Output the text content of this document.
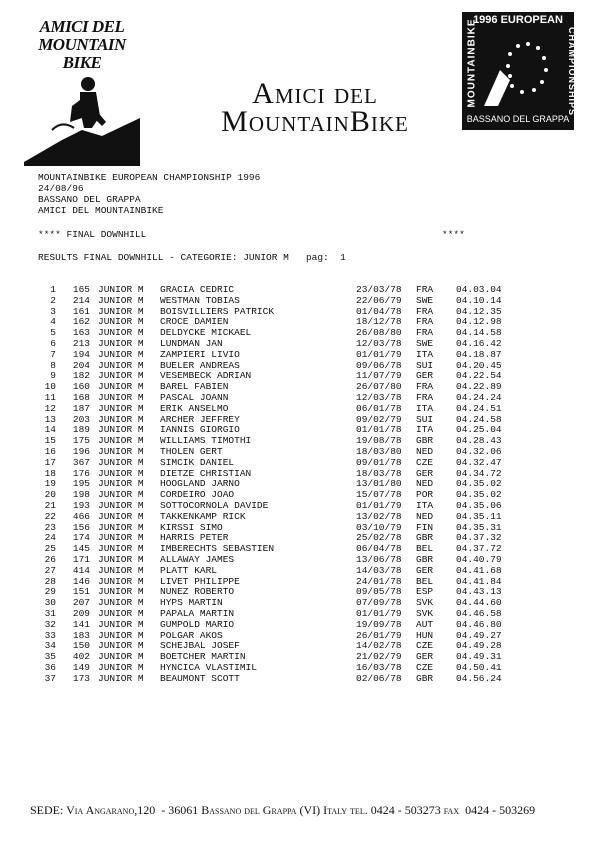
AMICI DEL
MOUNTAIN
BIKE
Amici del
MountainBike
1996 EUROPEAN
MOUNTAINBIKE	CHAMPIONSHIPS
BASSANO DEL GRAPPA
MOUNTAINBIKE EUROPEAN CHAMPIONSHIP 1996
24/08/96
BASSANO DEL GRAPPA
AMICI DEL MOUNTAINBIKE
**** FINAL DOWNHILL	****
RESULTS FINAL DOWNHILL - CATEGORIE: JUNIOR M   pag:  1
1	165 JUNIOR M GRACIA CEDRIC	23/03/78 FRA 04.03.04
2	214 JUNIOR M WESTMAN TOBIAS	22/06/79 SWE 04.10.14
3	161 JUNIOR M BOISVILLIERS PATRICK	01/04/78 FRA 04.12.35
4	162 JUNIOR M CROCE DAMIEN	18/12/78 FRA 04.12.98
5	163 JUNIOR M DELDYCKE MICKAEL	26/08/80 FRA 04.14.58
6	213 JUNIOR M LUNDMAN JAN	12/03/78 SWE 04.16.42
7	194 JUNIOR M ZAMPIERI LIVIO	01/01/79 ITA 04.18.87
8	204 JUNIOR M BUELER ANDREAS	09/06/78 SUI 04.20.45
9	182 JUNIOR M VESEMBECK ADRIAN	11/07/79 GER 04.22.54
10	160 JUNIOR M BAREL FABIEN	26/07/80 FRA 04.22.89
11	168 JUNIOR M PASCAL JOANN	12/03/78 FRA 04.24.24
12	187 JUNIOR M ERIK ANSELMO	06/01/78 ITA 04.24.51
13	203 JUNIOR M ARCHER JEFFREY	09/02/79 SUI 04.24.58
14	189 JUNIOR M IANNIS GIORGIO	01/01/78 ITA 04.25.04
15	175 JUNIOR M WILLIAMS TIMOTHI	19/08/78 GBR 04.28.43
16	196 JUNIOR M THOLEN GERT	18/03/80 NED 04.32.06
17	367 JUNIOR M SIMCIK DANIEL	09/01/78 CZE 04.32.47
18	176 JUNIOR M DIETZE CHRISTIAN	18/03/78 GER 04.34.72
19	195 JUNIOR M HOOGLAND JARNO	13/01/80 NED 04.35.02
20	198 JUNIOR M CORDEIRO JOAO	15/07/78 POR 04.35.02
21	193 JUNIOR M SOTTOCORNOLA DAVIDE	01/01/79 ITA 04.35.06
22	466 JUNIOR M TAKKENKAMP RICK	13/02/78 NED 04.35.11
23	156 JUNIOR M KIRSSI SIMO	03/10/79 FIN 04.35.31
24	174 JUNIOR M HARRIS PETER	25/02/78 GBR 04.37.32
25	145 JUNIOR M IMBERECHTS SEBASTIEN	06/04/78 BEL 04.37.72
26	171 JUNIOR M ALLAWAY JAMES	13/06/78 GBR 04.40.79
27	414 JUNIOR M PLATT KARL	14/03/78 GER 04.41.68
28	146 JUNIOR M LIVET PHILIPPE	24/01/78 BEL 04.41.84
29	151 JUNIOR M NUNEZ ROBERTO	09/05/78 ESP 04.43.13
30	207 JUNIOR M HYPS MARTIN	07/09/78 SVK 04.44.60
31	209 JUNIOR M PAPALA MARTIN	01/01/79 SVK 04.46.58
32	141 JUNIOR M GUMPOLD MARIO	19/09/78 AUT 04.46.80
33	183 JUNIOR M POLGAR AKOS	26/01/79 HUN 04.49.27
34	150 JUNIOR M SCHEJBAL JOSEF	14/02/78 CZE 04.49.28
35	402 JUNIOR M BOETCHER MARTIN	21/02/79 GER 04.49.31
36	149 JUNIOR M HYNCICA VLASTIMIL	16/03/78 CZE 04.50.41
37	173 JUNIOR M BEAUMONT SCOTT	02/06/78 GBR 04.56.24
SEDE: Via Angarano,120  - 36061 Bassano del Grappa (VI) Italy tel. 0424 - 503273 fax  0424 - 503269
